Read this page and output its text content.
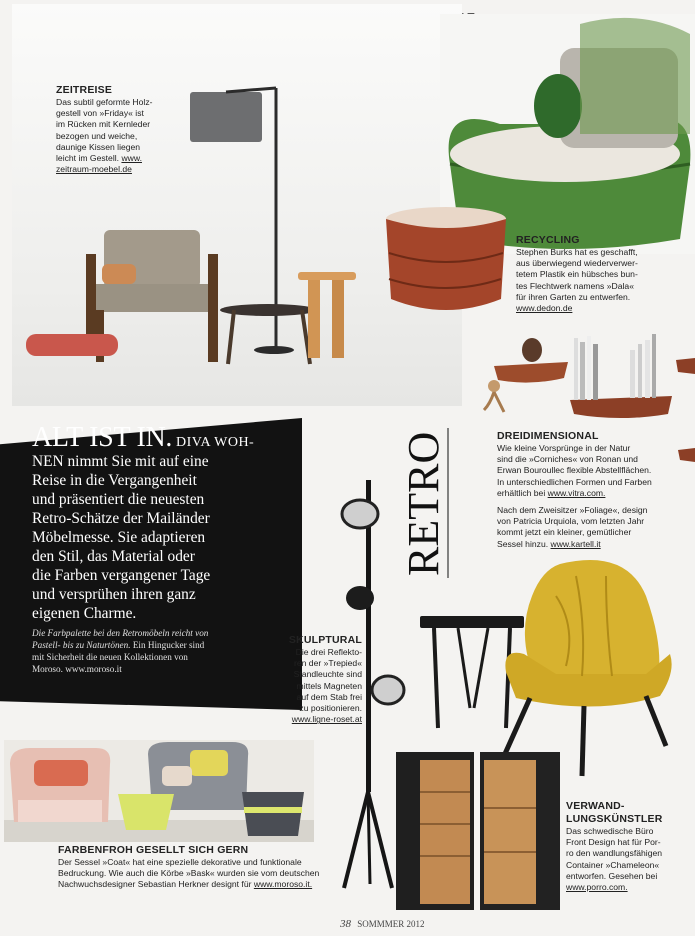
ZEITREISE
Das subtil geformte Holz-
gestell von »Friday« ist
im Rücken mit Kernleder
bezogen und weiche,
daunige Kissen liegen
leicht im Gestell. www.
zeitraum-moebel.de
RECYCLING
Stephen Burks hat es geschafft,
aus überwiegend wiederverwer-
tetem Plastik ein hübsches bun-
tes Flechtwerk namens »Dala«
für ihren Garten zu entwerfen.
www.dedon.de
ALT IST IN. DIVA WOH-
NEN nimmt Sie mit auf eine
Reise in die Vergangenheit
und präsentiert die neuesten
Retro-Schätze der Mailänder
Möbelmesse. Sie adaptieren
den Stil, das Material oder
die Farben vergangener Tage
und versprühen ihren ganz
eigenen Charme.
Die Farbpalette bei den Retromöbeln reicht von
Pastell- bis zu Naturtönen. Ein Hingucker sind
mit Sicherheit die neuen Kollektionen von
Moroso. www.moroso.it
RETRO	DREIDIMENSIONAL
Wie kleine Vorsprünge in der Natur
sind die »Corniches« von Ronan und
Erwan Bouroullec flexible Abstellflächen.
In unterschiedlichen Formen und Farben
erhältlich bei www.vitra.com.
Nach dem Zweisitzer »Foliage«, design
von Patricia Urquiola, vom letzten Jahr
kommt jetzt ein kleiner, gemütlicher
Sessel hinzu. www.kartell.it
SKULPTURAL
Die drei Reflekto-
ren der »Trepied«
Standleuchte sind
mittels Magneten
auf dem Stab frei
zu positionieren.
www.ligne-roset.at
FARBENFROH GESELLT SICH GERN
Der Sessel »Coat« hat eine spezielle dekorative und funktionale
Bedruckung. Wie auch die Körbe »Bask« wurden sie vom deutschen
Nachwuchsdesigner Sebastian Herkner designt für www.moroso.it.
VERWAND-
LUNGSKÜNSTLER
Das schwedische Büro
Front Design hat für Por-
ro den wandlungsfähigen
Container »Chameleon«
entworfen. Gesehen bei
www.porro.com.
38 SOMMMER 2012
